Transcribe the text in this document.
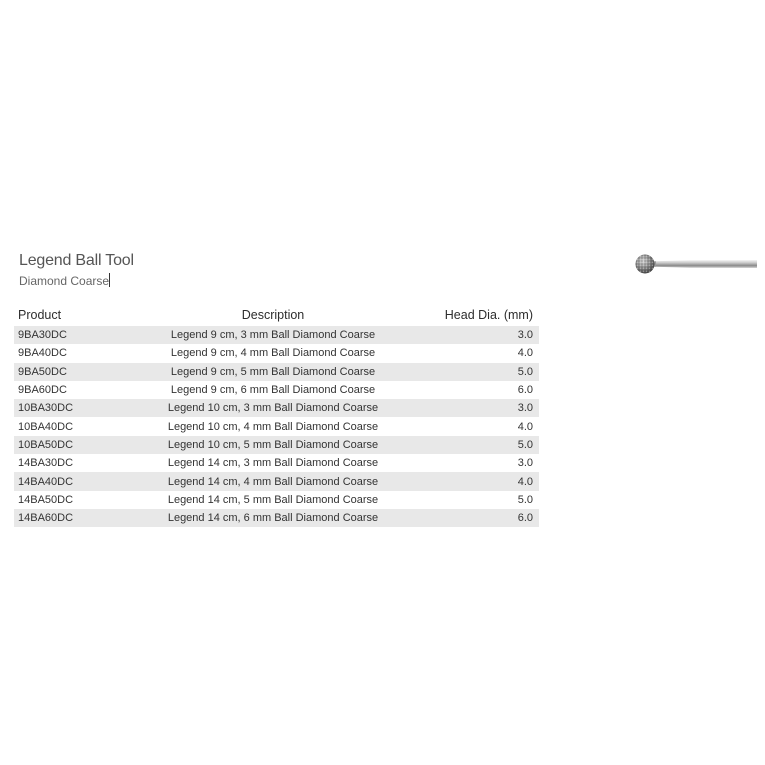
Legend Ball Tool
Diamond Coarse
Product	Description	Head Dia. (mm)
9BA30DC	Legend 9 cm, 3 mm Ball Diamond Coarse	3.0
9BA40DC	Legend 9 cm, 4 mm Ball Diamond Coarse	4.0
9BA50DC	Legend 9 cm, 5 mm Ball Diamond Coarse	5.0
9BA60DC	Legend 9 cm, 6 mm Ball Diamond Coarse	6.0
10BA30DC	Legend 10 cm, 3 mm Ball Diamond Coarse	3.0
10BA40DC	Legend 10 cm, 4 mm Ball Diamond Coarse	4.0
10BA50DC	Legend 10 cm, 5 mm Ball Diamond Coarse	5.0
14BA30DC	Legend 14 cm, 3 mm Ball Diamond Coarse	3.0
14BA40DC	Legend 14 cm, 4 mm Ball Diamond Coarse	4.0
14BA50DC	Legend 14 cm, 5 mm Ball Diamond Coarse	5.0
14BA60DC	Legend 14 cm, 6 mm Ball Diamond Coarse	6.0
